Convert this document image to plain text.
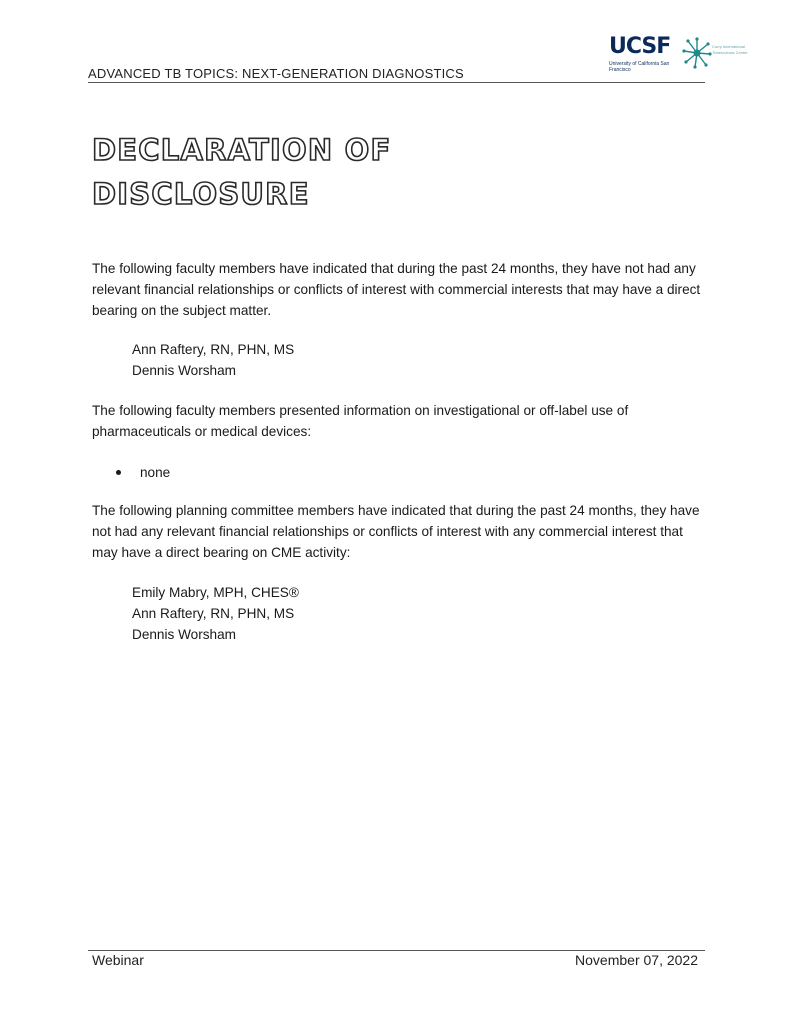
ADVANCED TB TOPICS: NEXT-GENERATION DIAGNOSTICS
UCSF
University of California San Francisco
Curry International Tuberculosis Center
DECLARATION OF
DISCLOSURE

The following faculty members have indicated that during the past 24 months, they have not had any relevant financial relationships or conflicts of interest with commercial interests that may have a direct bearing on the subject matter.

Ann Raftery, RN, PHN, MS
Dennis Worsham

The following faculty members presented information on investigational or off-label use of pharmaceuticals or medical devices:

none

The following planning committee members have indicated that during the past 24 months, they have not had any relevant financial relationships or conflicts of interest with any commercial interest that may have a direct bearing on CME activity:

Emily Mabry, MPH, CHES®
Ann Raftery, RN, PHN, MS
Dennis Worsham
Webinar	November 07, 2022
